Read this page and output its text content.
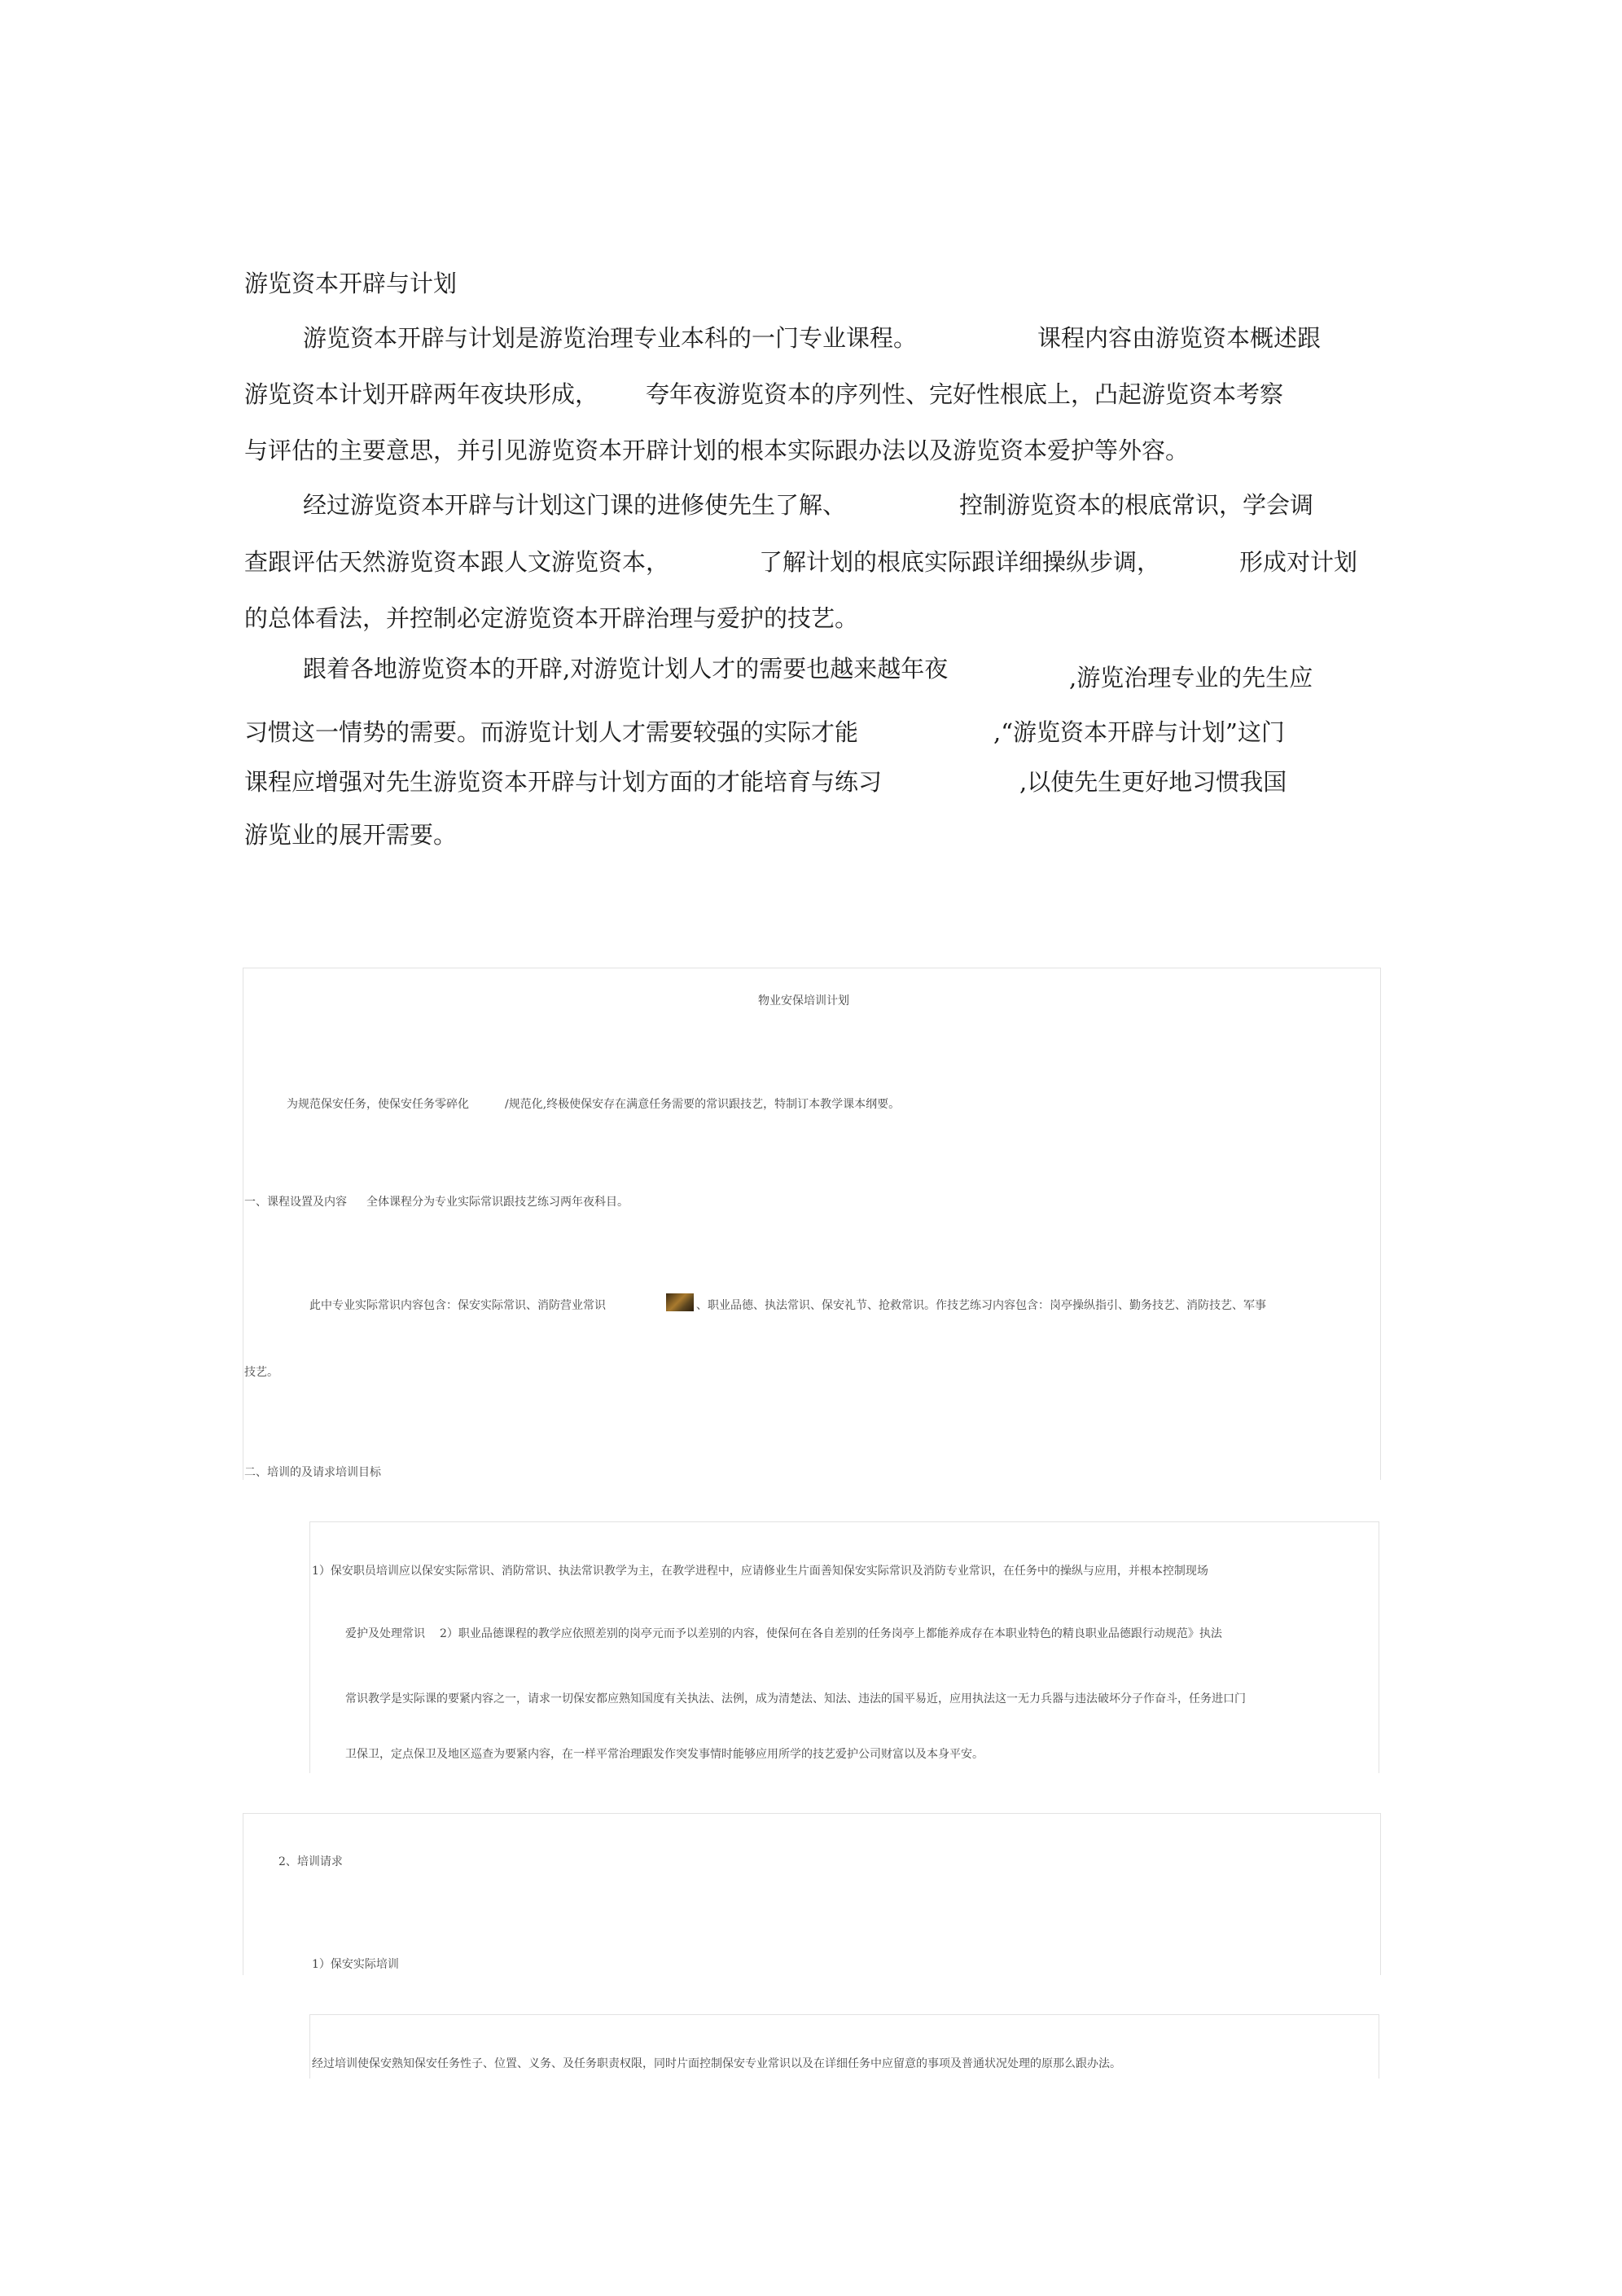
游览资本开辟与计划
游览资本开辟与计划是游览治理专业本科的一门专业课程。	课程内容由游览资本概述跟
游览资本计划开辟两年夜块形成， 夸年夜游览资本的序列性、完好性根底上，凸起游览资本考察
与评估的主要意思，并引见游览资本开辟计划的根本实际跟办法以及游览资本爱护等外容。
经过游览资本开辟与计划这门课的进修使先生了解、	控制游览资本的根底常识，学会调
查跟评估天然游览资本跟人文游览资本，	了解计划的根底实际跟详细操纵步调，	形成对计划
的总体看法，并控制必定游览资本开辟治理与爱护的技艺。
跟着各地游览资本的开辟,对游览计划人才的需要也越来越年夜	,游览治理专业的先生应
习惯这一情势的需要。而游览计划人才需要较强的实际才能	,“游览资本开辟与计划”这门
课程应增强对先生游览资本开辟与计划方面的才能培育与练习	,以使先生更好地习惯我国
游览业的展开需要。
物业安保培训计划
为规范保安任务，使保安任务零碎化	/规范化,终极使保安存在满意任务需要的常识跟技艺，特制订本教学课本纲要。
一、课程设置及内容 全体课程分为专业实际常识跟技艺练习两年夜科目。
此中专业实际常识内容包含：保安实际常识、消防营业常识	、职业品德、执法常识、保安礼节、抢救常识。作技艺练习内容包含：岗亭操纵指引、勤务技艺、消防技艺、军事
技艺。
二、培训的及请求培训目标
1）保安职员培训应以保安实际常识、消防常识、执法常识教学为主，在教学进程中，应请修业生片面善知保安实际常识及消防专业常识，在任务中的操纵与应用，并根本控制现场
爱护及处理常识 2）职业品德课程的教学应依照差别的岗亭元而予以差别的内容，使保何在各自差别的任务岗亭上都能养成存在本职业特色的精良职业品德跟行动规范》执法
常识教学是实际课的要紧内容之一，请求一切保安都应熟知国度有关执法、法例，成为清楚法、知法、违法的国平易近，应用执法这一无力兵器与违法破坏分子作奋斗，任务进口门
卫保卫，定点保卫及地区巡查为要紧内容，在一样平常治理跟发作突发事情时能够应用所学的技艺爱护公司财富以及本身平安。
2、培训请求
1）保安实际培训
经过培训使保安熟知保安任务性子、位置、义务、及任务职责权限，同时片面控制保安专业常识以及在详细任务中应留意的事项及普通状况处理的原那么跟办法。
